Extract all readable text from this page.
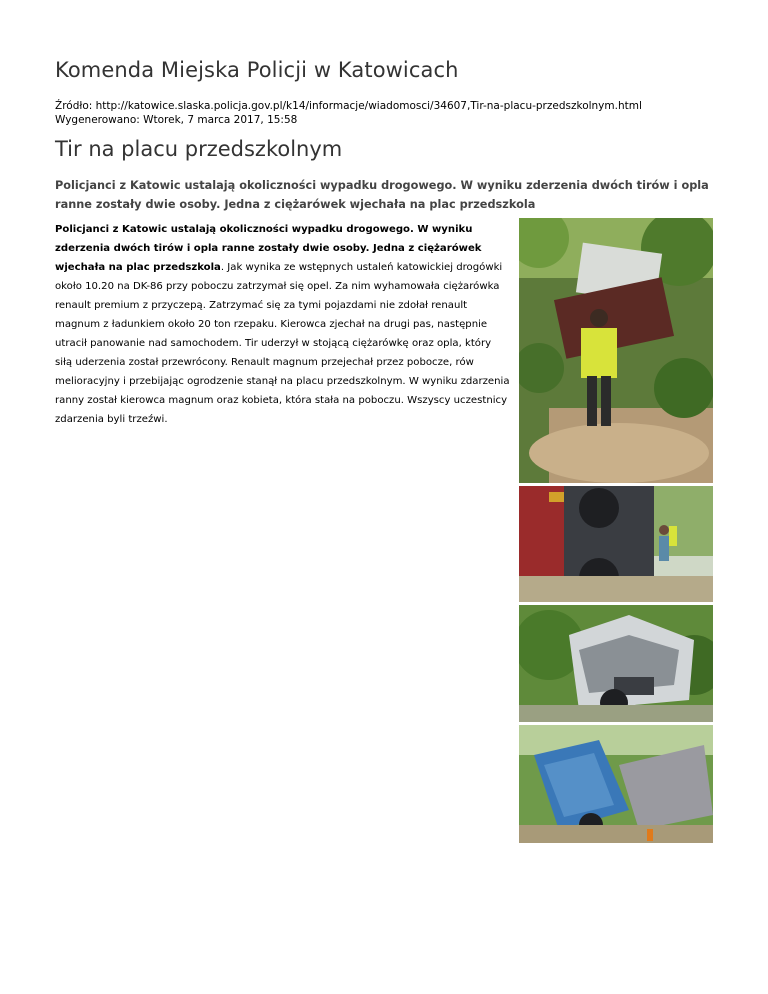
Komenda Miejska Policji w Katowicach
Źródło: http://katowice.slaska.policja.gov.pl/k14/informacje/wiadomosci/34607,Tir-na-placu-przedszkolnym.html
Wygenerowano: Wtorek, 7 marca 2017, 15:58
Tir na placu przedszkolnym

Policjanci z Katowic ustalają okoliczności wypadku drogowego. W wyniku zderzenia dwóch tirów i opla ranne zostały dwie osoby. Jedna z ciężarówek wjechała na plac przedszkola

Policjanci z Katowic ustalają okoliczności wypadku drogowego. W wyniku zderzenia dwóch tirów i opla ranne zostały dwie osoby. Jedna z ciężarówek wjechała na plac przedszkola. Jak wynika ze wstępnych ustaleń katowickiej drogówki około 10.20 na DK-86 przy poboczu zatrzymał się opel. Za nim wyhamowała ciężarówka renault premium z przyczepą. Zatrzymać się za tymi pojazdami nie zdołał renault magnum z ładunkiem około 20 ton rzepaku. Kierowca zjechał na drugi pas, następnie utracił panowanie nad samochodem. Tir uderzył w stojącą ciężarówkę oraz opla, który siłą uderzenia został przewrócony. Renault magnum przejechał przez pobocze, rów melioracyjny i przebijając ogrodzenie stanął na placu przedszkolnym. W wyniku zdarzenia ranny został kierowca magnum oraz kobieta, która stała na poboczu. Wszyscy uczestnicy zdarzenia byli trzeźwi.
